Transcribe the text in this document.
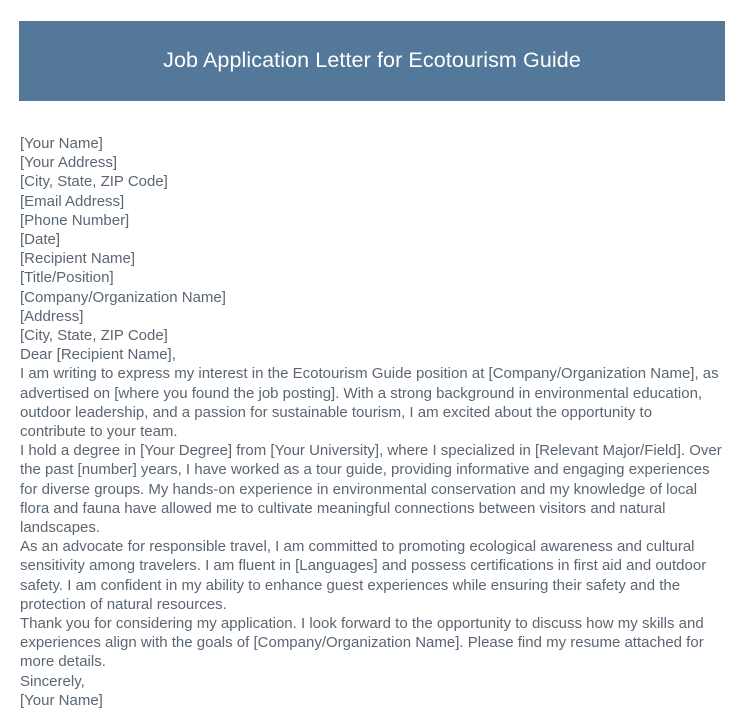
Job Application Letter for Ecotourism Guide
[Your Name]
[Your Address]
[City, State, ZIP Code]
[Email Address]
[Phone Number]
[Date]
[Recipient Name]
[Title/Position]
[Company/Organization Name]
[Address]
[City, State, ZIP Code]
Dear [Recipient Name],

I am writing to express my interest in the Ecotourism Guide position at [Company/Organization Name], as advertised on [where you found the job posting]. With a strong background in environmental education, outdoor leadership, and a passion for sustainable tourism, I am excited about the opportunity to contribute to your team.

I hold a degree in [Your Degree] from [Your University], where I specialized in [Relevant Major/Field]. Over the past [number] years, I have worked as a tour guide, providing informative and engaging experiences for diverse groups. My hands-on experience in environmental conservation and my knowledge of local flora and fauna have allowed me to cultivate meaningful connections between visitors and natural landscapes.

As an advocate for responsible travel, I am committed to promoting ecological awareness and cultural sensitivity among travelers. I am fluent in [Languages] and possess certifications in first aid and outdoor safety. I am confident in my ability to enhance guest experiences while ensuring their safety and the protection of natural resources.

Thank you for considering my application. I look forward to the opportunity to discuss how my skills and experiences align with the goals of [Company/Organization Name]. Please find my resume attached for more details.

Sincerely,
[Your Name]
